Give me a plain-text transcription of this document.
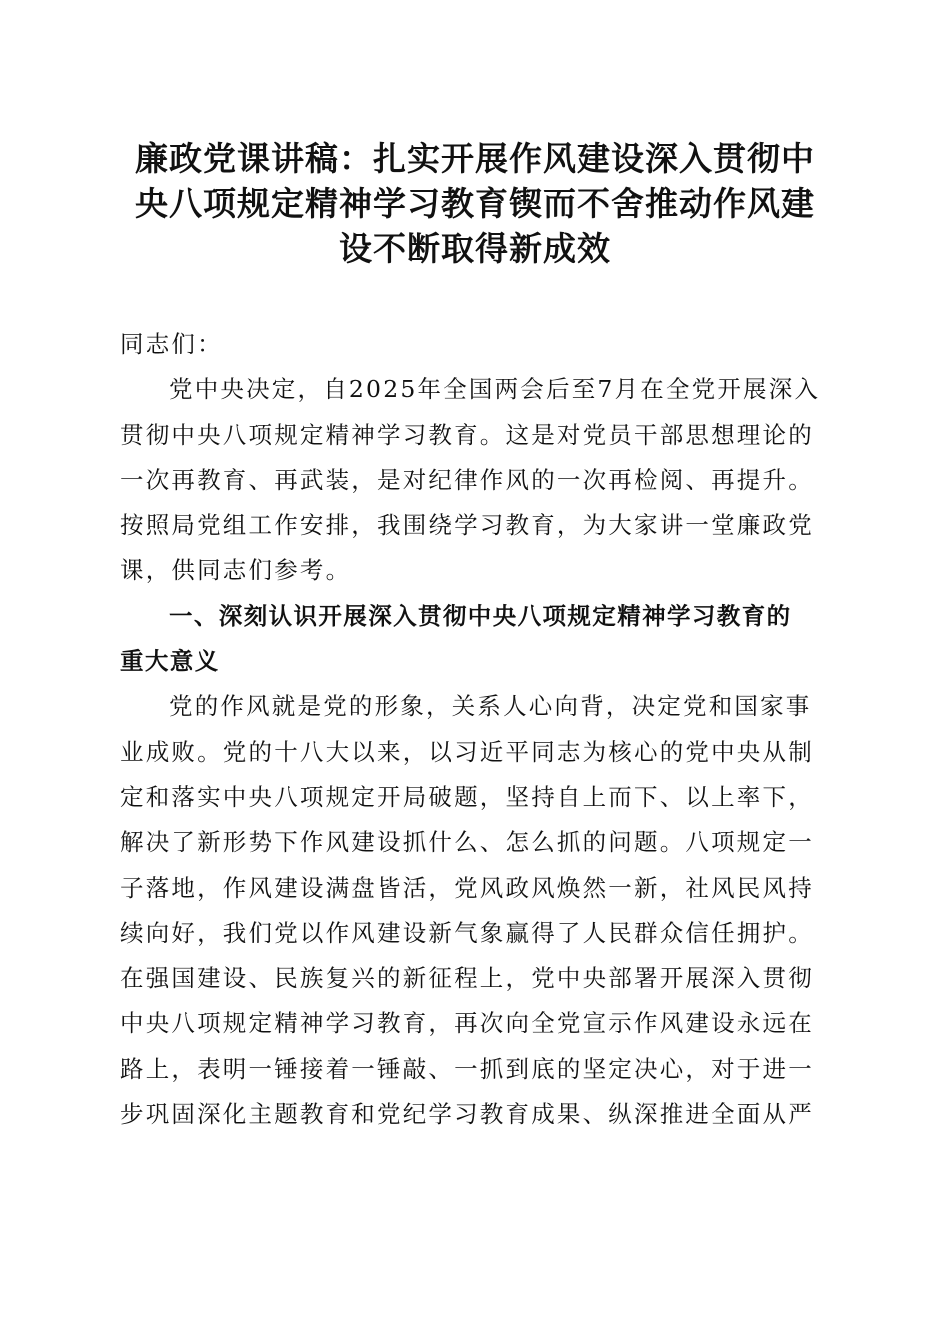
廉政党课讲稿：扎实开展作风建设深入贯彻中
央八项规定精神学习教育锲而不舍推动作风建
设不断取得新成效
同志们：
党中央决定，自2025年全国两会后至7月在全党开展深入
贯彻中央八项规定精神学习教育。这是对党员干部思想理论的
一次再教育、再武装，是对纪律作风的一次再检阅、再提升。
按照局党组工作安排，我围绕学习教育，为大家讲一堂廉政党
课，供同志们参考。
一、深刻认识开展深入贯彻中央八项规定精神学习教育的
重大意义
党的作风就是党的形象，关系人心向背，决定党和国家事
业成败。党的十八大以来，以习近平同志为核心的党中央从制
定和落实中央八项规定开局破题，坚持自上而下、以上率下，
解决了新形势下作风建设抓什么、怎么抓的问题。八项规定一
子落地，作风建设满盘皆活，党风政风焕然一新，社风民风持
续向好，我们党以作风建设新气象赢得了人民群众信任拥护。
在强国建设、民族复兴的新征程上，党中央部署开展深入贯彻
中央八项规定精神学习教育，再次向全党宣示作风建设永远在
路上，表明一锤接着一锤敲、一抓到底的坚定决心，对于进一
步巩固深化主题教育和党纪学习教育成果、纵深推进全面从严
